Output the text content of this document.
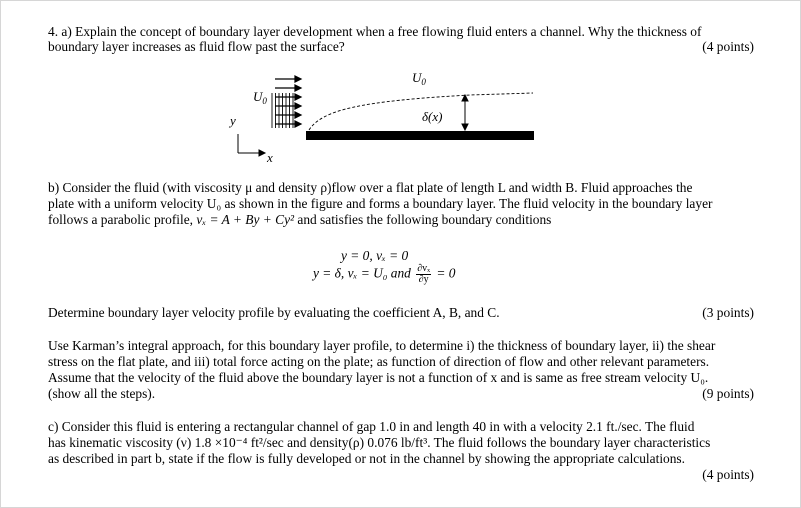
4. a) Explain the concept of boundary layer development when a free flowing fluid enters a channel. Why the thickness of
boundary layer increases as fluid flow past the surface?	(4 points)
$U_0$
$U_0$
y
x
δ(x)
b) Consider the fluid (with viscosity μ and density ρ)flow over a flat plate of length L and width B. Fluid approaches the
plate with a uniform velocity U₀ as shown in the figure and forms a boundary layer. The fluid velocity in the boundary layer
follows a parabolic profile, vₓ = A + By + Cy² and satisfies the following boundary conditions
y = 0, vₓ = 0
y = δ, vₓ = U₀ and $\frac{\text{∂vₓ}}{\partial y} = 0$
Determine boundary layer velocity profile by evaluating the coefficient A, B, and C.	(3 points)
Use Karman’s integral approach, for this boundary layer profile, to determine i) the thickness of boundary layer, ii) the shear
stress on the flat plate, and iii) total force acting on the plate; as function of direction of flow and other relevant parameters.
Assume that the velocity of the fluid above the boundary layer is not a function of x and is same as free stream velocity U₀.
(show all the steps).	(9 points)
c) Consider this fluid is entering a rectangular channel of gap 1.0 in and length 40 in with a velocity 2.1 ft./sec. The fluid
has kinematic viscosity (ν) 1.8 ×10⁻⁴ ft²/sec and density(ρ) 0.076 lb/ft³. The fluid follows the boundary layer characteristics
as described in part b, state if the flow is fully developed or not in the channel by showing the appropriate calculations.
(4 points)
